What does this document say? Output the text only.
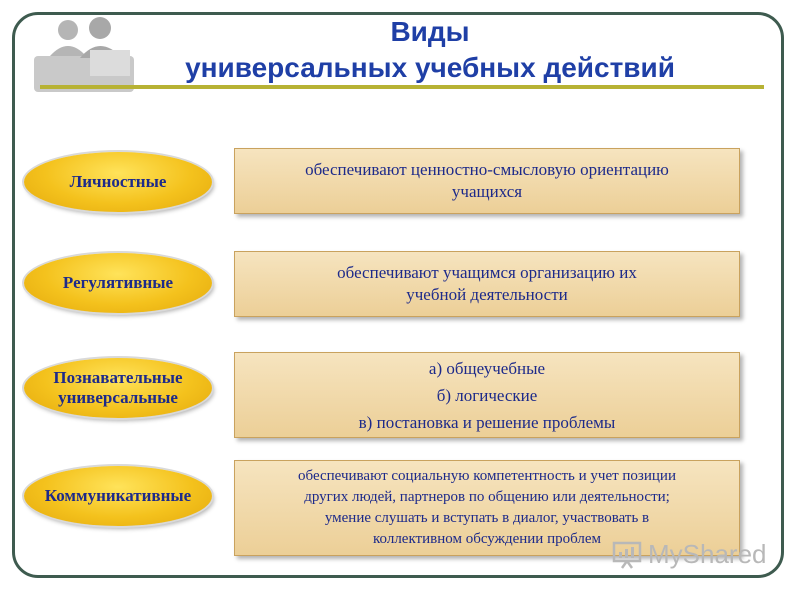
Виды
универсальных учебных действий
Личностные
обеспечивают ценностно-смысловую ориентацию
учащихся
Регулятивные
обеспечивают учащимся организацию их
учебной деятельности
Познавательные
универсальные
а) общеучебные
б) логические
в) постановка и решение проблемы
Коммуникативные
обеспечивают социальную компетентность и учет позиции
других людей, партнеров по общению или деятельности;
умение слушать и вступать в диалог, участвовать в
коллективном обсуждении проблем MyShared
